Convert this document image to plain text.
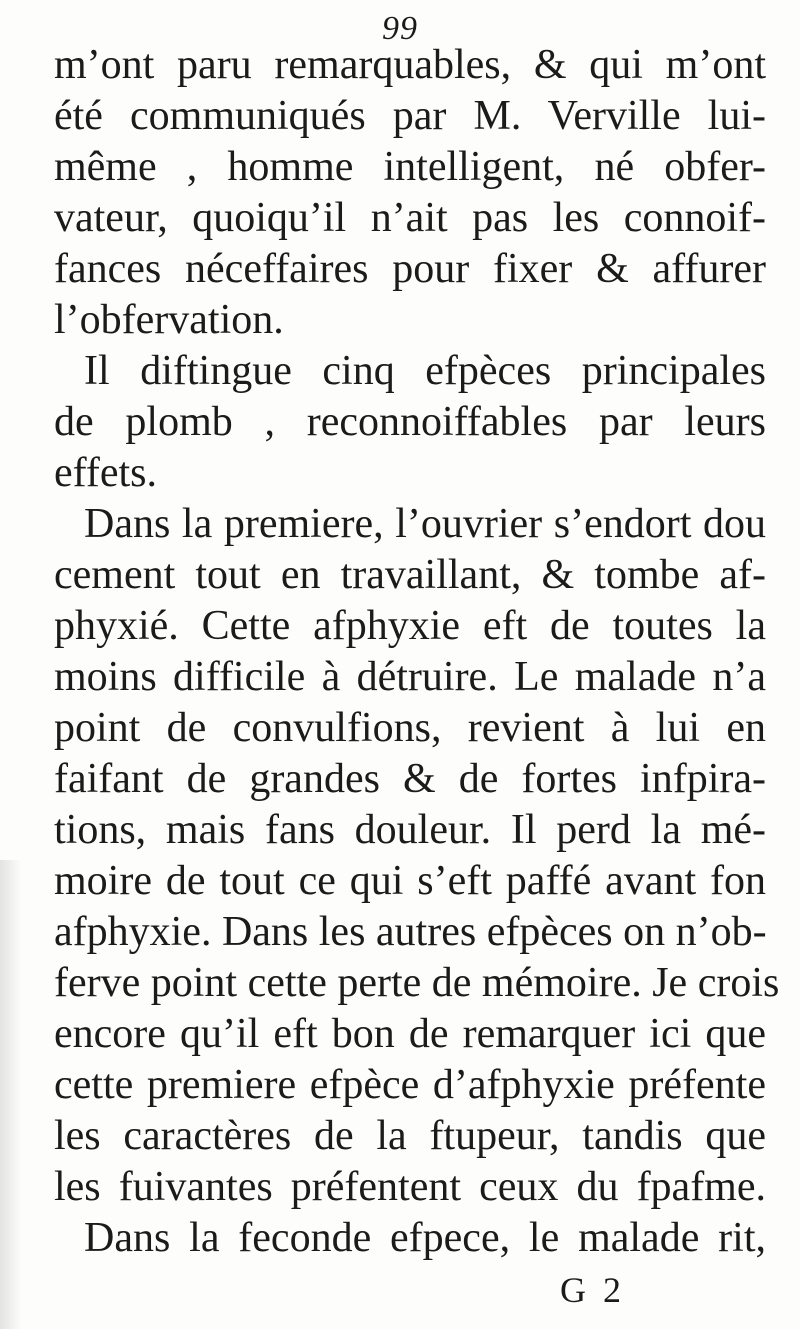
99
m’ont paru remarquables, & qui m’ont
été communiqués par M. Verville lui-
même , homme intelligent, né obfer-
vateur, quoiqu’il n’ait pas les connoif-
fances néceffaires pour fixer & affurer
l’obfervation.
Il diftingue cinq efpèces principales
de plomb , reconnoiffables par leurs
effets.
Dans la premiere, l’ouvrier s’endort dou
cement tout en travaillant, & tombe af-
phyxié. Cette afphyxie eft de toutes la
moins difficile à détruire. Le malade n’a
point de convulfions, revient à lui en
faifant de grandes & de fortes infpira-
tions, mais fans douleur. Il perd la mé-
moire de tout ce qui s’eft paffé avant fon
afphyxie. Dans les autres efpèces on n’ob-
ferve point cette perte de mémoire. Je crois
encore qu’il eft bon de remarquer ici que
cette premiere efpèce d’afphyxie préfente
les caractères de la ftupeur, tandis que
les fuivantes préfentent ceux du fpafme.
Dans la feconde efpece, le malade rit,
G 2
